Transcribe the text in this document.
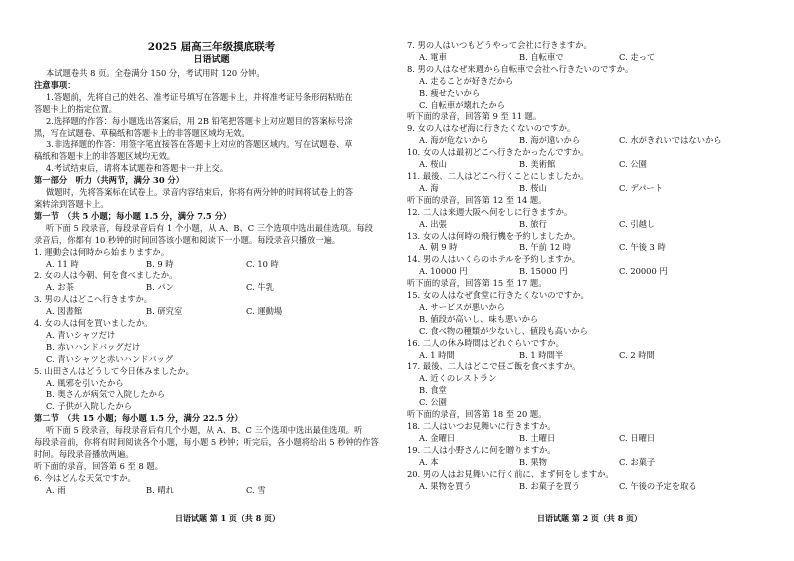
2025 届高三年级摸底联考
日语试题
本试题卷共 8 页。全卷满分 150 分，考试用时 120 分钟。
注意事项：
1.答题前，先将自己的姓名、准考证号填写在答题卡上，并将准考证号条形码粘贴在
答题卡上的指定位置。
2.选择题的作答：每小题选出答案后，用 2B 铅笔把答题卡上对应题目的答案标号涂
黑，写在试题卷、草稿纸和答题卡上的非答题区域均无效。
3.非选择题的作答：用签字笔直接答在答题卡上对应的答题区域内。写在试题卷、草
稿纸和答题卡上的非答题区域均无效。
4.考试结束后，请将本试题卷和答题卡一并上交。
第一部分　听力（共两节，满分 30 分）
做题时，先将答案标在试卷上。录音内容结束后，你将有两分钟的时间将试卷上的答
案转涂到答题卡上。
第一节　（共 5 小题；每小题 1.5 分，满分 7.5 分）
听下面 5 段录音，每段录音后有 1 个小题，从 A、B、C 三个选项中选出最佳选项。每段
录音后，你都有 10 秒钟的时间回答该小题和阅读下一小题。每段录音只播放一遍。
1. 運動会は何時から始まりますか。
A. 11 時	B. 9 時	C. 10 時
2. 女の人は今朝、何を食べましたか。
A. お茶	B. パン	C. 牛乳
3. 男の人はどこへ行きますか。
A. 図書館	B. 研究室	C. 運動場
4. 女の人は何を買いましたか。
A. 青いシャツだけ
B. 赤いハンドバッグだけ
C. 青いシャツと赤いハンドバッグ
5. 山田さんはどうして今日休みましたか。
A. 風邪を引いたから
B. 奥さんが病気で入院したから
C. 子供が入院したから
第二节　（共 15 小题；每小题 1.5 分，满分 22.5 分）
听下面 5 段录音，每段录音后有几个小题，从 A、B、C 三个选项中选出最佳选项。听
每段录音前，你将有时间阅读各个小题，每小题 5 秒钟；听完后，各小题将给出 5 秒钟的作答
时间。每段录音播放两遍。
听下面的录音，回答第 6 至 8 题。
6. 今はどんな天気ですか。
A. 雨	B. 晴れ	C. 雪
日语试题 第 1 页（共 8 页）
7. 男の人はいつもどうやって会社に行きますか。
A. 電車	B. 自転車で	C. 走って
8. 男の人はなぜ来週から自転車で会社へ行きたいのですか。
A. 走ることが好きだから
B. 痩せたいから
C. 自転車が壊れたから
听下面的录音，回答第 9 至 11 题。
9. 女の人はなぜ海に行きたくないのですか。
A. 海が危ないから	B. 海が遠いから	C. 水がきれいではないから
10. 女の人は最初どこへ行きたかったんですか。
A. 桜山	B. 美術館	C. 公園
11. 最後、二人はどこへ行くことにしましたか。
A. 海	B. 桜山	C. デパート
听下面的录音，回答第 12 至 14 题。
12. 二人は来週大阪へ何をしに行きますか。
A. 出張	B. 旅行	C. 引越し
13. 女の人は何時の飛行機を予約しましたか。
A. 朝 9 時	B. 午前 12 時	C. 午後 3 時
14. 男の人はいくらのホテルを予約しますか。
A. 10000 円	B. 15000 円	C. 20000 円
听下面的录音，回答第 15 至 17 题。
15. 女の人はなぜ食堂に行きたくないのですか。
A. サービスが悪いから
B. 値段が高いし、味も悪いから
C. 食べ物の種類が少ないし、値段も高いから
16. 二人の休み時間はどれぐらいですか。
A. 1 時間	B. 1 時間半	C. 2 時間
17. 最後、二人はどこで昼ご飯を食べますか。
A. 近くのレストラン
B. 食堂
C. 公園
听下面的录音，回答第 18 至 20 题。
18. 二人はいつお見舞いに行きますか。
A. 金曜日	B. 土曜日	C. 日曜日
19. 二人は小野さんに何を贈りますか。
A. 本	B. 果物	C. お菓子
20. 男の人はお見舞いに行く前に、まず何をしますか。
A. 果物を買う	B. お菓子を買う	C. 午後の予定を取る
日语试题 第 2 页（共 8 页）
